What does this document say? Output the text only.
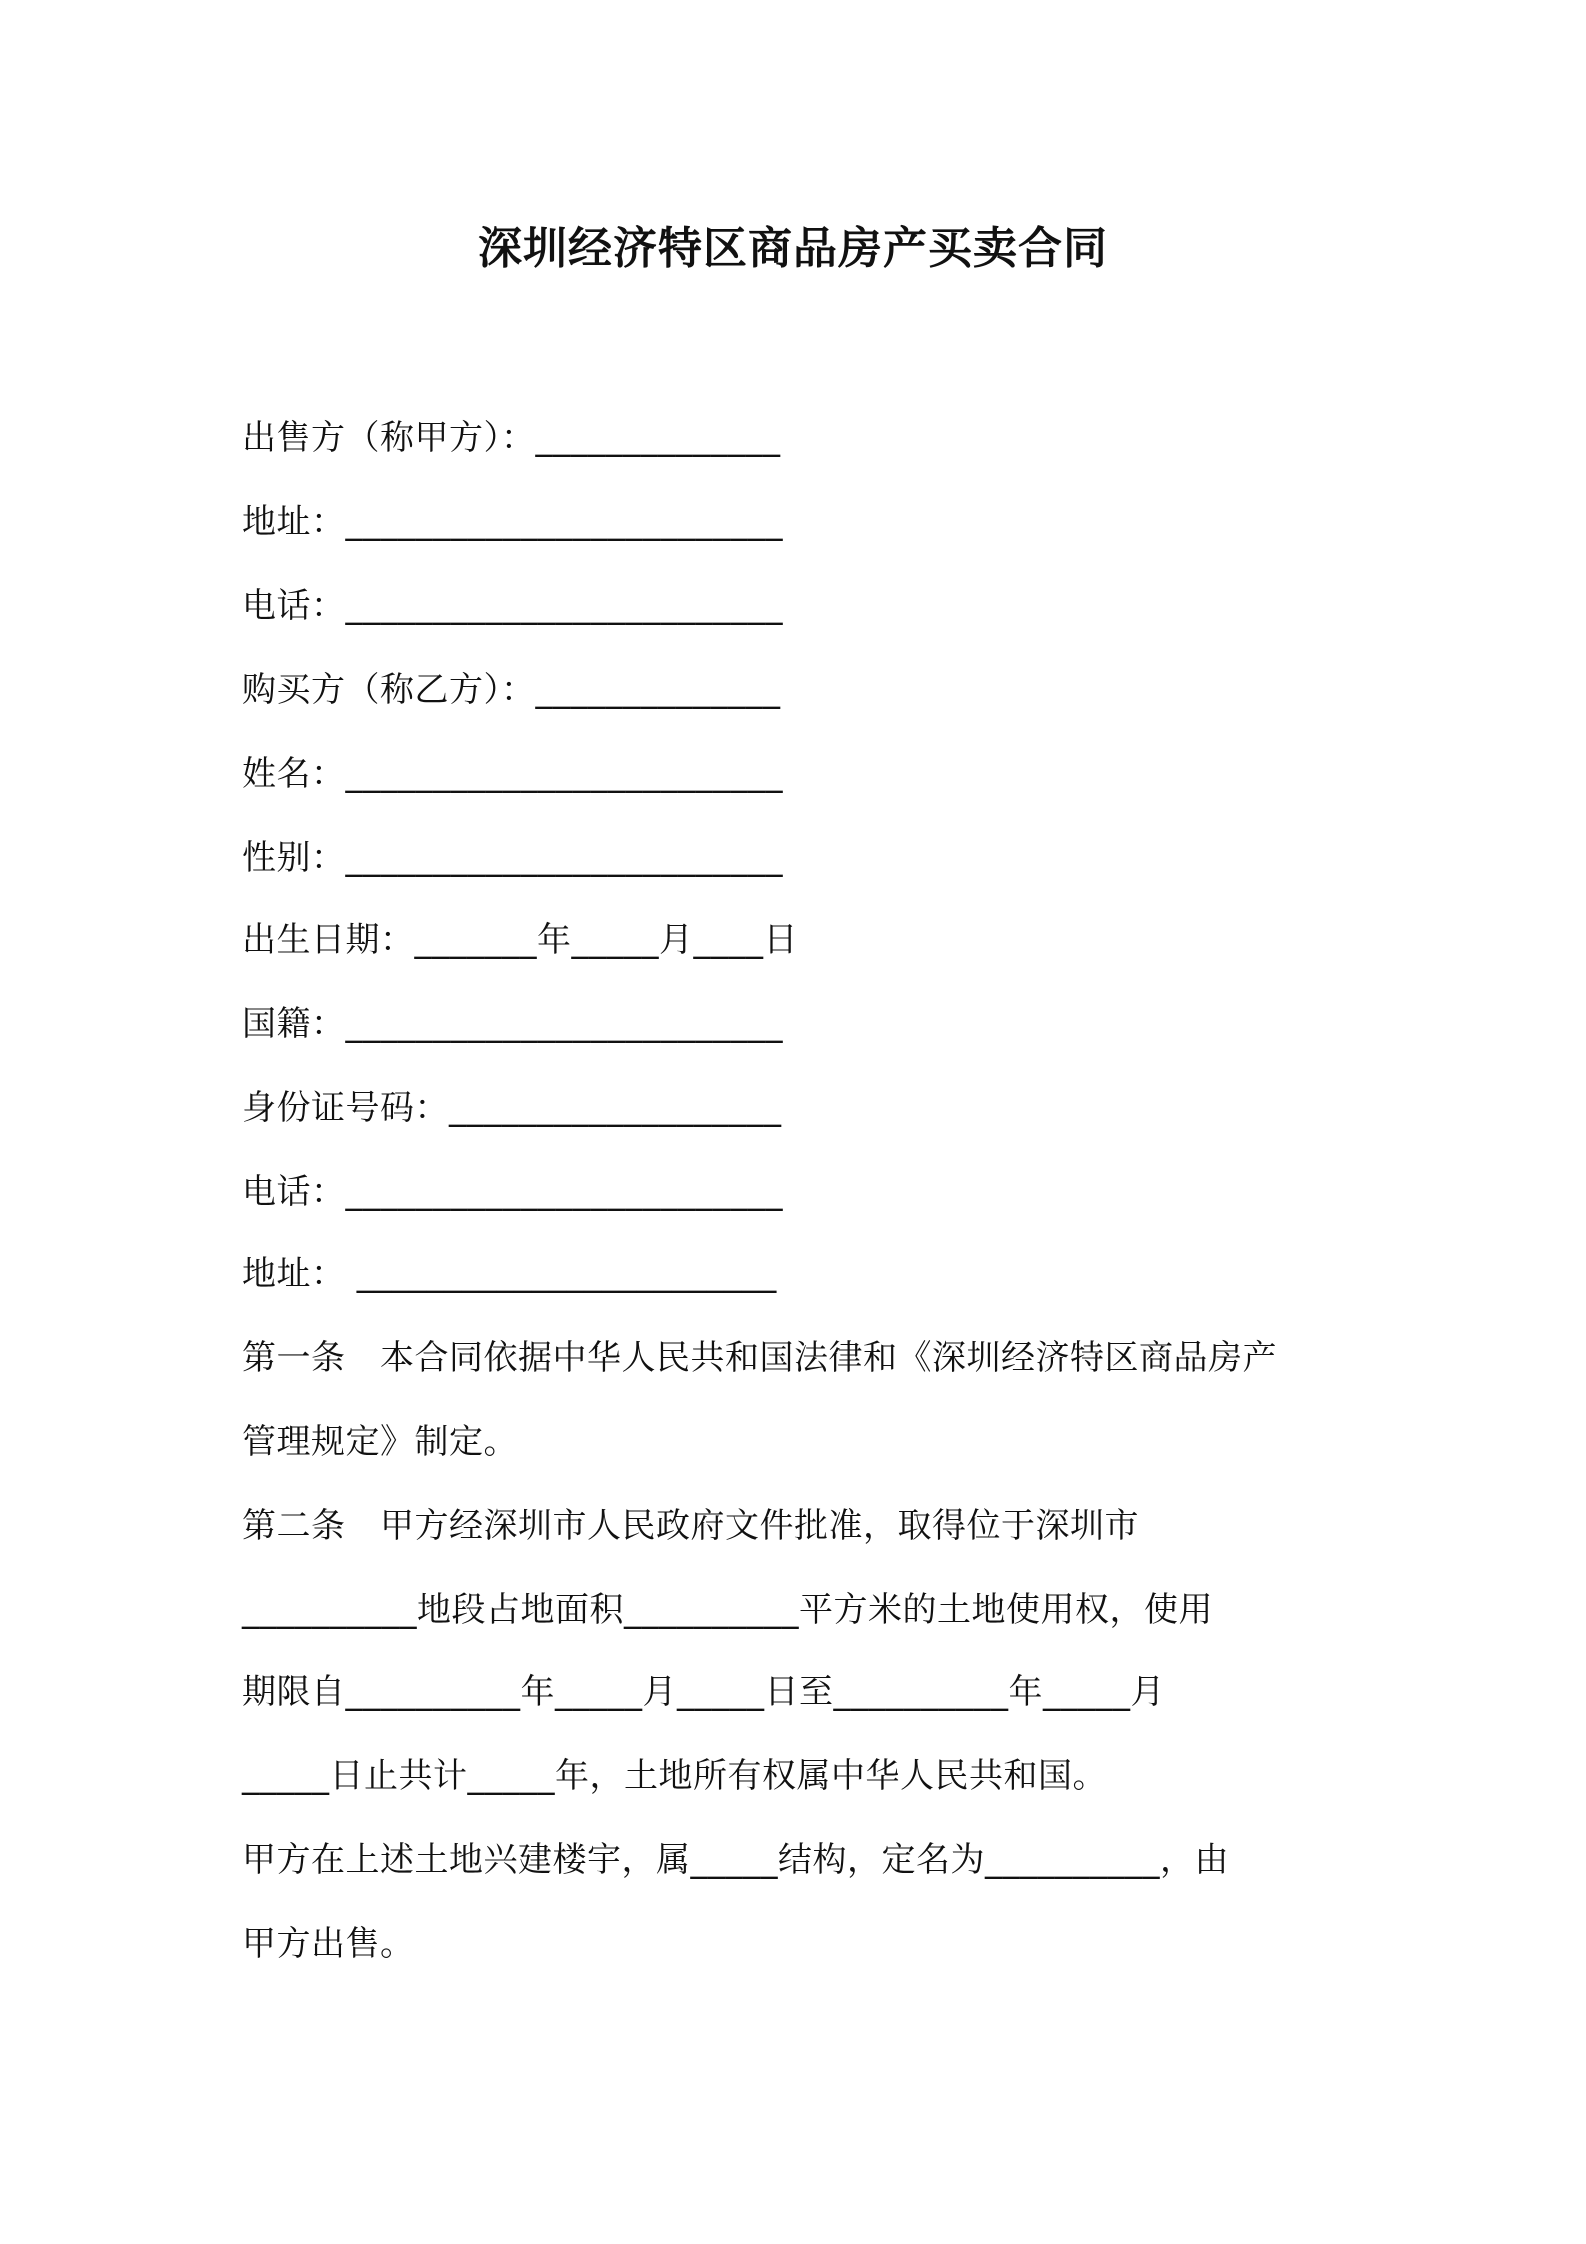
深圳经济特区商品房产买卖合同
出售方（称甲方）：______________
地址：_________________________
电话：_________________________
购买方（称乙方）：______________
姓名：_________________________
性别：_________________________
出生日期：_______年_____月____日
国籍：_________________________
身份证号码：___________________
电话：_________________________
地址： ________________________
第一条　本合同依据中华人民共和国法律和《深圳经济特区商品房产
管理规定》制定。
第二条　甲方经深圳市人民政府文件批准，取得位于深圳市
__________地段占地面积__________平方米的土地使用权，使用
期限自__________年_____月_____日至__________年_____月
_____日止共计_____年，土地所有权属中华人民共和国。
甲方在上述土地兴建楼宇，属_____结构，定名为__________，由
甲方出售。
